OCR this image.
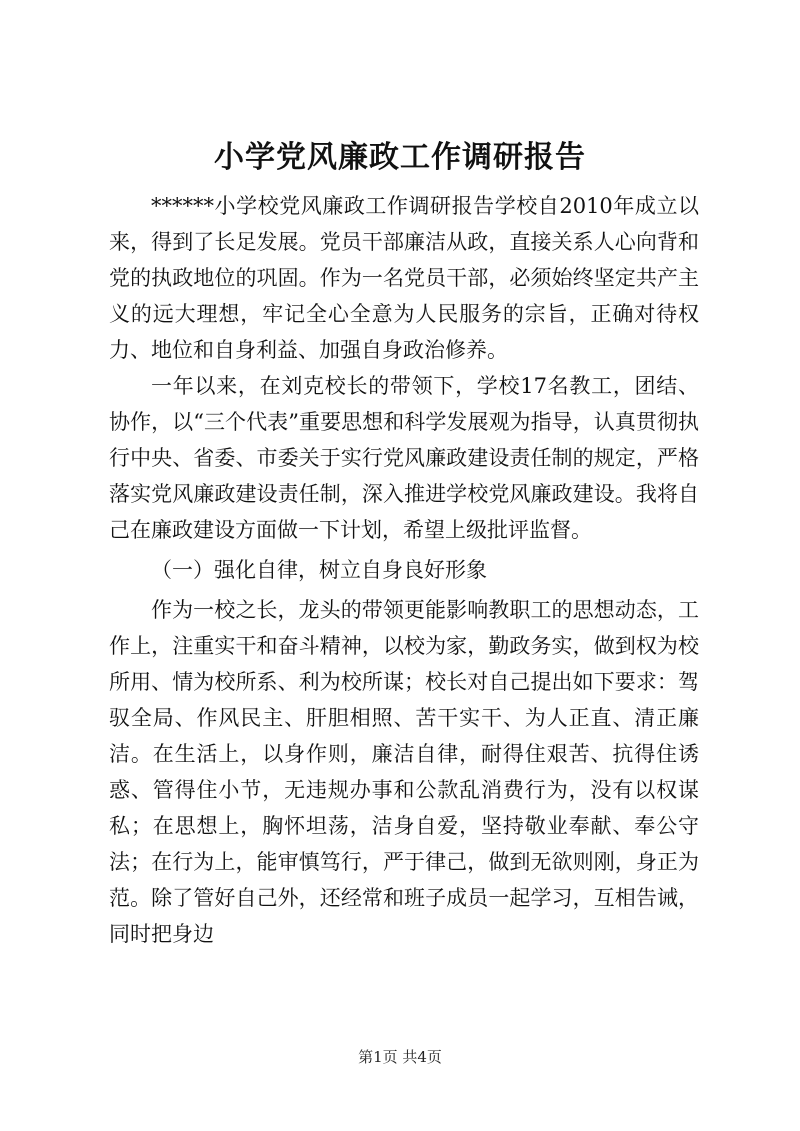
小学党风廉政工作调研报告

******小学校党风廉政工作调研报告学校自2010年成立以来，得到了长足发展。党员干部廉洁从政，直接关系人心向背和党的执政地位的巩固。作为一名党员干部，必须始终坚定共产主义的远大理想，牢记全心全意为人民服务的宗旨，正确对待权力、地位和自身利益、加强自身政治修养。

一年以来，在刘克校长的带领下，学校17名教工，团结、协作，以“三个代表”重要思想和科学发展观为指导，认真贯彻执行中央、省委、市委关于实行党风廉政建设责任制的规定，严格落实党风廉政建设责任制，深入推进学校党风廉政建设。我将自己在廉政建设方面做一下计划，希望上级批评监督。

（一）强化自律，树立自身良好形象

作为一校之长，龙头的带领更能影响教职工的思想动态，工作上，注重实干和奋斗精神，以校为家，勤政务实，做到权为校所用、情为校所系、利为校所谋；校长对自己提出如下要求：驾驭全局、作风民主、肝胆相照、苦干实干、为人正直、清正廉洁。在生活上，以身作则，廉洁自律，耐得住艰苦、抗得住诱惑、管得住小节，无违规办事和公款乱消费行为，没有以权谋私；在思想上，胸怀坦荡，洁身自爱，坚持敬业奉献、奉公守法；在行为上，能审慎笃行，严于律己，做到无欲则刚，身正为范。除了管好自己外，还经常和班子成员一起学习，互相告诫，同时把身边

第1页 共4页
